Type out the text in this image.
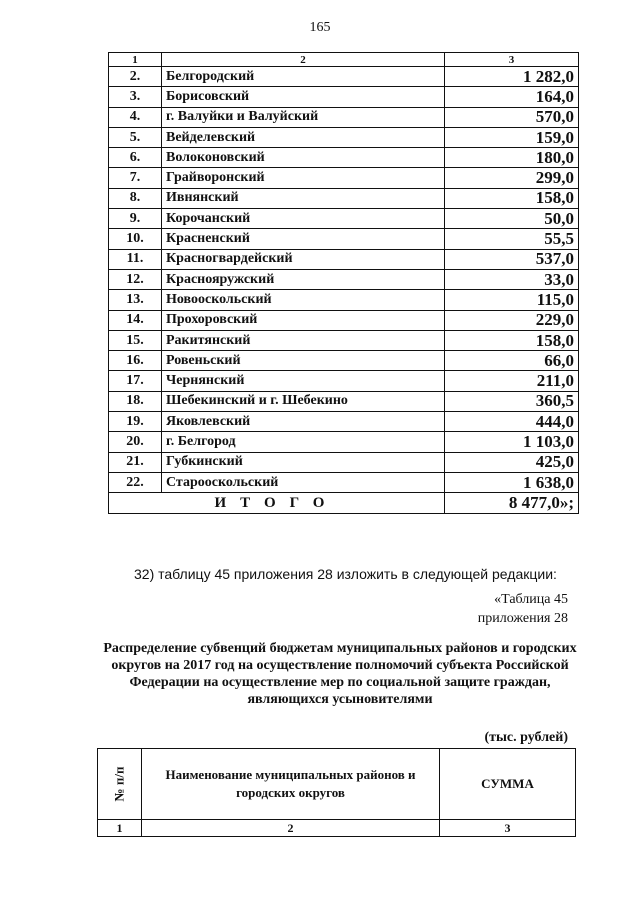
165
1	2	3
2.	Белгородский	1 282,0
3.	Борисовский	164,0
4.	г. Валуйки и Валуйский	570,0
5.	Вейделевский	159,0
6.	Волоконовский	180,0
7.	Грайворонский	299,0
8.	Ивнянский	158,0
9.	Корочанский	50,0
10.	Красненский	55,5
11.	Красногвардейский	537,0
12.	Краснояружский	33,0
13.	Новооскольский	115,0
14.	Прохоровский	229,0
15.	Ракитянский	158,0
16.	Ровеньский	66,0
17.	Чернянский	211,0
18.	Шебекинский и г. Шебекино	360,5
19.	Яковлевский	444,0
20.	г. Белгород	1 103,0
21.	Губкинский	425,0
22.	Старооскольский	1 638,0
ИТОГО		8 477,0»;
32) таблицу 45 приложения 28 изложить в следующей редакции:
«Таблица 45
приложения 28
Распределение субвенций бюджетам муниципальных районов и городских округов на 2017 год на осуществление полномочий субъекта Российской Федерации на осуществление мер по социальной защите граждан, являющихся усыновителями
(тыс. рублей)
№ п/п	Наименование муниципальных районов и городских округов	СУММА
1	2	3
